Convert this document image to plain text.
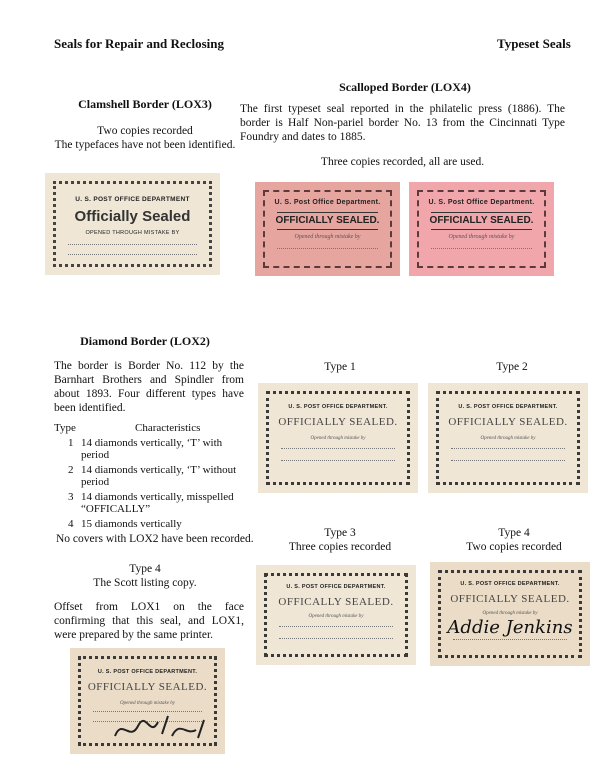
Seals for Repair and Reclosing	Typeset Seals
Clamshell Border (LOX3)
Two copies recorded
The typefaces have not been identified.
U. S. POST OFFICE DEPARTMENT
Officially Sealed
OPENED THROUGH MISTAKE BY
Scalloped Border (LOX4)
The first typeset seal reported in the philatelic press (1886). The border is Half Non-pariel border No. 13 from the Cincinnati Type Foundry and dates to 1885.
Three copies recorded, all are used.
U. S. Post Office Department.
OFFICIALLY SEALED.
Opened through mistake by
U. S. Post Office Department.
OFFICIALLY SEALED.
Opened through mistake by
Diamond Border (LOX2)
The border is Border No. 112 by the Barnhart Brothers and Spindler from about 1893. Four different types have been identified.
Type	Characteristics
1	14 diamonds vertically, ‘T’ with period
2	14 diamonds vertically, ‘T’ without period
3	14 diamonds vertically, misspelled “OFFICALLY”
4	15 diamonds vertically
No covers with LOX2 have been recorded.
Type 4
The Scott listing copy.
Offset from LOX1 on the face confirming that this seal, and LOX1, were prepared by the same printer.
U. S. POST OFFICE DEPARTMENT.
OFFICIALLY SEALED.
Opened through mistake by
Type 1	Type 2
U. S. POST OFFICE DEPARTMENT.
OFFICIALLY SEALED.
Opened through mistake by
U. S. POST OFFICE DEPARTMENT.
OFFICIALLY SEALED.
Opened through mistake by
Type 3
Three copies recorded
Type 4
Two copies recorded
U. S. POST OFFICE DEPARTMENT.
OFFICALLY SEALED.
Opened through mistake by
U. S. POST OFFICE DEPARTMENT.
OFFICIALLY SEALED.
Opened through mistake by
Addie Jenkins
